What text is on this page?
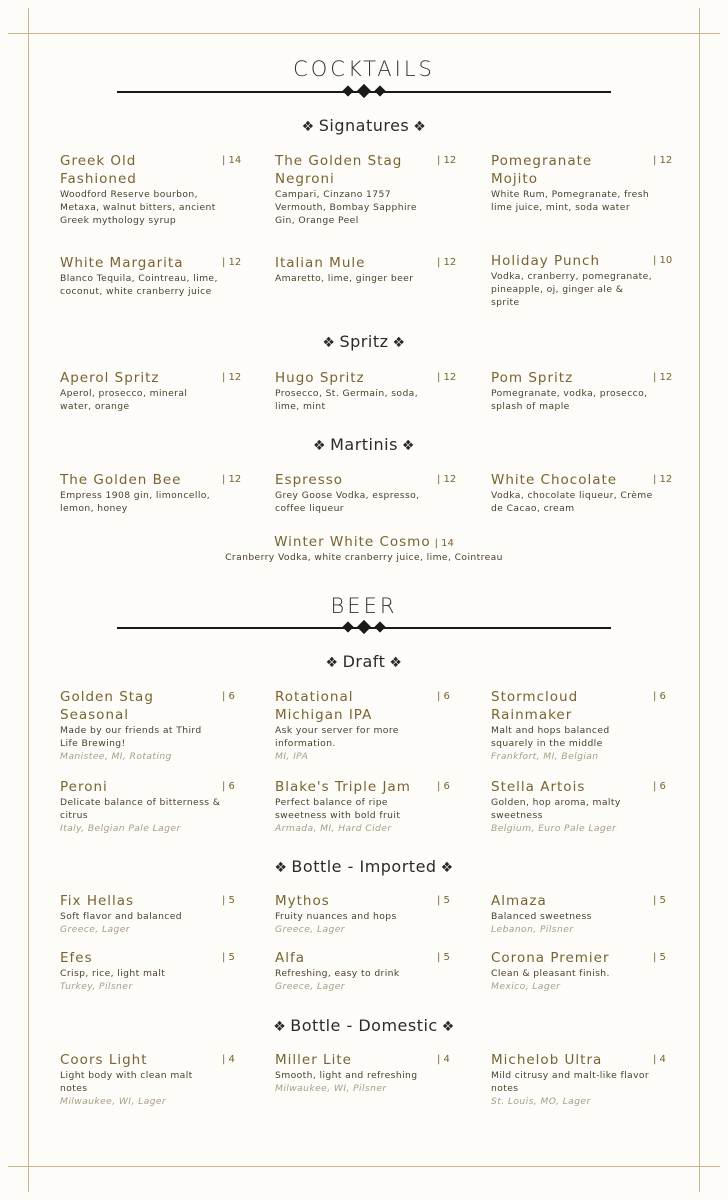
COCKTAILS
❖ Signatures ❖
Greek Old Fashioned
| 14
Woodford Reserve bourbon, Metaxa, walnut bitters, ancient Greek mythology syrup
The Golden Stag Negroni
| 12
Campari, Cinzano 1757 Vermouth, Bombay Sapphire Gin, Orange Peel
Pomegranate Mojito
| 12
White Rum, Pomegranate, fresh lime juice, mint, soda water
White Margarita	| 12
Blanco Tequila, Cointreau, lime, coconut, white cranberry juice
Italian Mule	| 12
Amaretto, lime, ginger beer
Holiday Punch	| 10
Vodka, cranberry, pomegranate, pineapple, oj, ginger ale & sprite
❖ Spritz ❖
Aperol Spritz	| 12
Aperol, prosecco, mineral water, orange
Hugo Spritz	| 12
Prosecco, St. Germain, soda, lime, mint
Pom Spritz	| 12
Pomegranate, vodka, prosecco, splash of maple
❖ Martinis ❖
The Golden Bee	| 12
Empress 1908 gin, limoncello, lemon, honey
Espresso	| 12
Grey Goose Vodka, espresso, coffee liqueur
White Chocolate	| 12
Vodka, chocolate liqueur, Crème de Cacao, cream
Winter White Cosmo | 14
Cranberry Vodka, white cranberry juice, lime, Cointreau
BEER
❖ Draft ❖
Golden Stag Seasonal
| 6
Made by our friends at Third Life Brewing!
Manistee, MI, Rotating
Rotational Michigan IPA
| 6
Ask your server for more information.
MI, IPA
Stormcloud Rainmaker
| 6
Malt and hops balanced squarely in the middle
Frankfort, MI, Belgian
Peroni	| 6
Delicate balance of bitterness & citrus
Italy, Belgian Pale Lager
Blake's Triple Jam	| 6
Perfect balance of ripe sweetness with bold fruit
Armada, MI, Hard Cider
Stella Artois	| 6
Golden, hop aroma, malty sweetness
Belgium, Euro Pale Lager
❖ Bottle - Imported ❖
Fix Hellas	| 5
Soft flavor and balanced
Greece, Lager
Mythos	| 5
Fruity nuances and hops
Greece, Lager
Almaza	| 5
Balanced sweetness
Lebanon, Pilsner
Efes	| 5
Crisp, rice, light malt
Turkey, Pilsner
Alfa	| 5
Refreshing, easy to drink
Greece, Lager
Corona Premier	| 5
Clean & pleasant finish.
Mexico, Lager
❖ Bottle - Domestic ❖
Coors Light	| 4
Light body with clean malt notes
Milwaukee, WI, Lager
Miller Lite	| 4
Smooth, light and refreshing
Milwaukee, WI, Pilsner
Michelob Ultra	| 4
Mild citrusy and malt-like flavor notes
St. Louis, MO, Lager
